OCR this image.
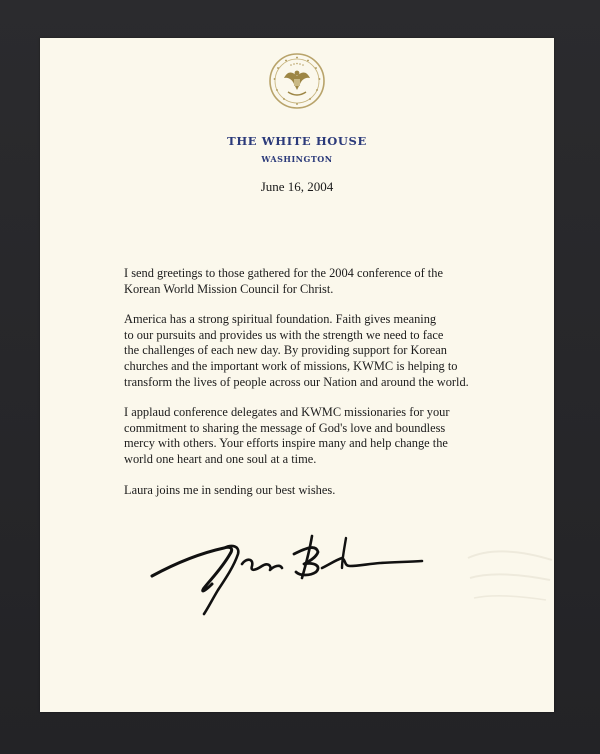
THE WHITE HOUSE
WASHINGTON
June 16, 2004

I send greetings to those gathered for the 2004 conference of the
Korean World Mission Council for Christ.

America has a strong spiritual foundation. Faith gives meaning
to our pursuits and provides us with the strength we need to face
the challenges of each new day. By providing support for Korean
churches and the important work of missions, KWMC is helping to
transform the lives of people across our Nation and around the world.

I applaud conference delegates and KWMC missionaries for your
commitment to sharing the message of God's love and boundless
mercy with others. Your efforts inspire many and help change the
world one heart and one soul at a time.

Laura joins me in sending our best wishes.
